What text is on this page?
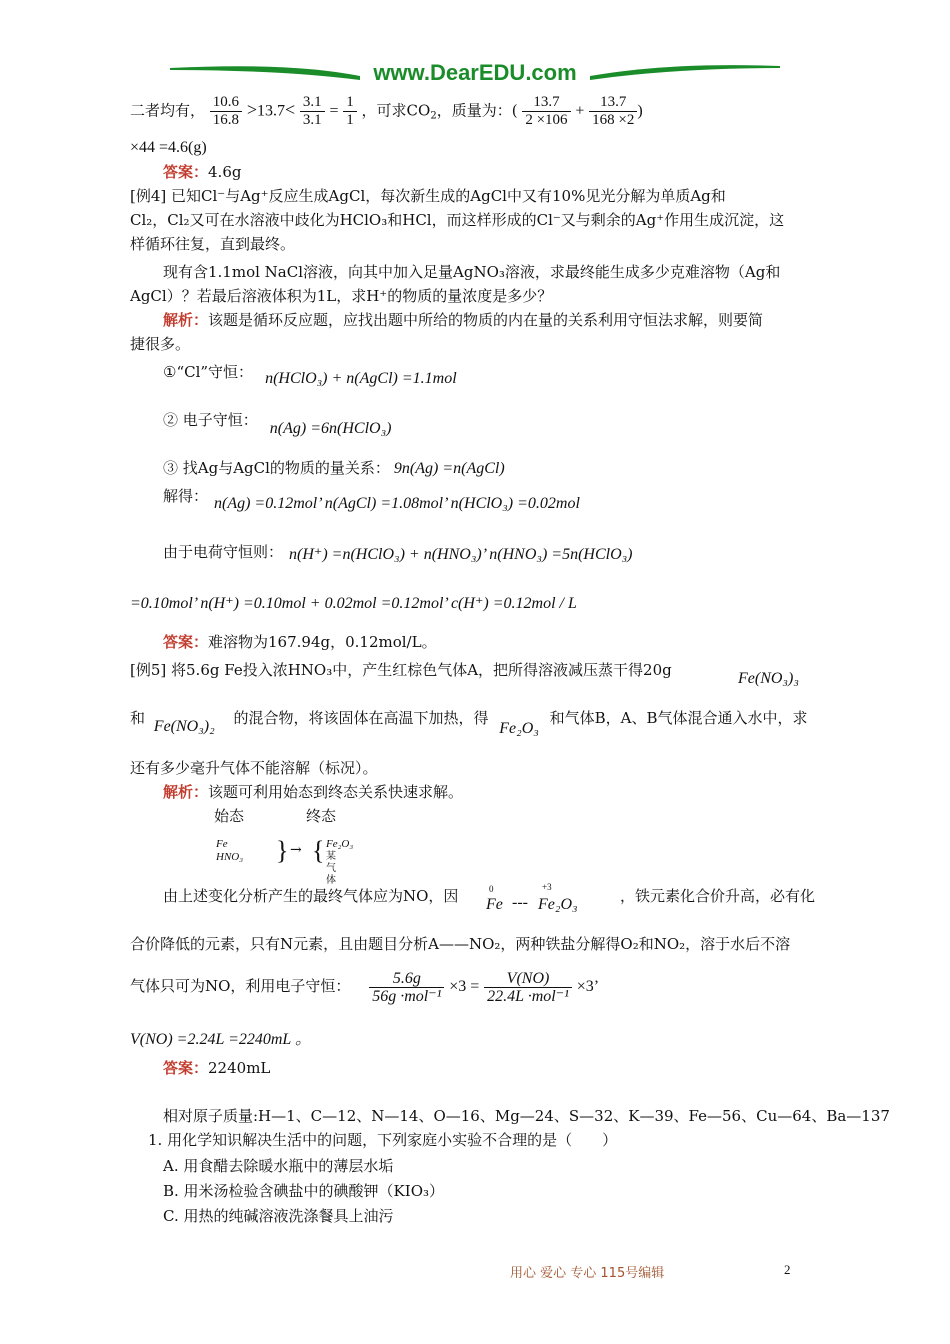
www.DearEDU.com
二者均有， $\frac{10.6}{16.8} >13.7< \frac{3.1}{3.1} = \frac{1}{1}$ ，可求$CO_2$，质量为：( $\frac{13.7}{2 \times 106} + \frac{13.7}{168 \times 2}$ )
×44 =4.6(g)
答案：4.6g
[例4] 已知Cl⁻与Ag⁺反应生成AgCl，每次新生成的AgCl中又有10%见光分解为单质Ag和
Cl₂，Cl₂又可在水溶液中歧化为HClO₃和HCl，而这样形成的Cl⁻又与剩余的Ag⁺作用生成沉淀，这
样循环往复，直到最终。
现有含1.1mol NaCl溶液，向其中加入足量AgNO₃溶液，求最终能生成多少克难溶物（Ag和
AgCl）？若最后溶液体积为1L，求H⁺的物质的量浓度是多少？
解析：该题是循环反应题，应找出题中所给的物质的内在量的关系利用守恒法求解，则要简
捷很多。
①“Cl”守恒： n(HClO₃) + n(AgCl) =1.1mol
② 电子守恒： n(Ag) =6n(HClO₃)
③ 找Ag与AgCl的物质的量关系： 9n(Ag) =n(AgCl)
解得： n(Ag) =0.12mol’ n(AgCl) =1.08mol’ n(HClO₃) =0.02mol
由于电荷守恒则： n(H⁺) =n(HClO₃) + n(HNO₃)’ n(HNO₃) =5n(HClO₃)
=0.10mol’ n(H⁺) =0.10mol + 0.02mol =0.12mol’ c(H⁺) =0.12mol / L
答案：难溶物为167.94g，0.12mol/L。
[例5] 将5.6g Fe投入浓HNO₃中，产生红棕色气体A，把所得溶液减压蒸干得20g	Fe(NO₃)₃
和 Fe(NO₃)₂ 的混合物，将该固体在高温下加热，得 Fe₂O₃ 和气体B，A、B气体混合通入水中，求
还有多少毫升气体不能溶解（标况）。
解析：该题可利用始态到终态关系快速求解。
始态	终态
Fe
HNO₃ } → { Fe₂O₃
某气体
由上述变化分析产生的最终气体应为NO，因	0
Fe ---
+3
Fe₂O₃	，铁元素化合价升高，必有化
合价降低的元素，只有N元素，且由题目分析A——NO₂，两种铁盐分解得O₂和NO₂，溶于水后不溶
气体只可为NO，利用电子守恒： $\frac{5.6g}{\text{56g ·mol⁻¹}} \times 3 = \frac{V(NO)}{\text{22.4L ·mol⁻¹}} \times 3$’
V(NO) =2.24L =2240mL 。
答案：2240mL
相对原子质量:H—1、C—12、N—14、O—16、Mg—24、S—32、K—39、Fe—56、Cu—64、Ba—137
1. 用化学知识解决生活中的问题，下列家庭小实验不合理的是（　　）
A. 用食醋去除暖水瓶中的薄层水垢
B. 用米汤检验含碘盐中的碘酸钾（KIO₃）
C. 用热的纯碱溶液洗涤餐具上油污
用心 爱心 专心 115号编辑	2
